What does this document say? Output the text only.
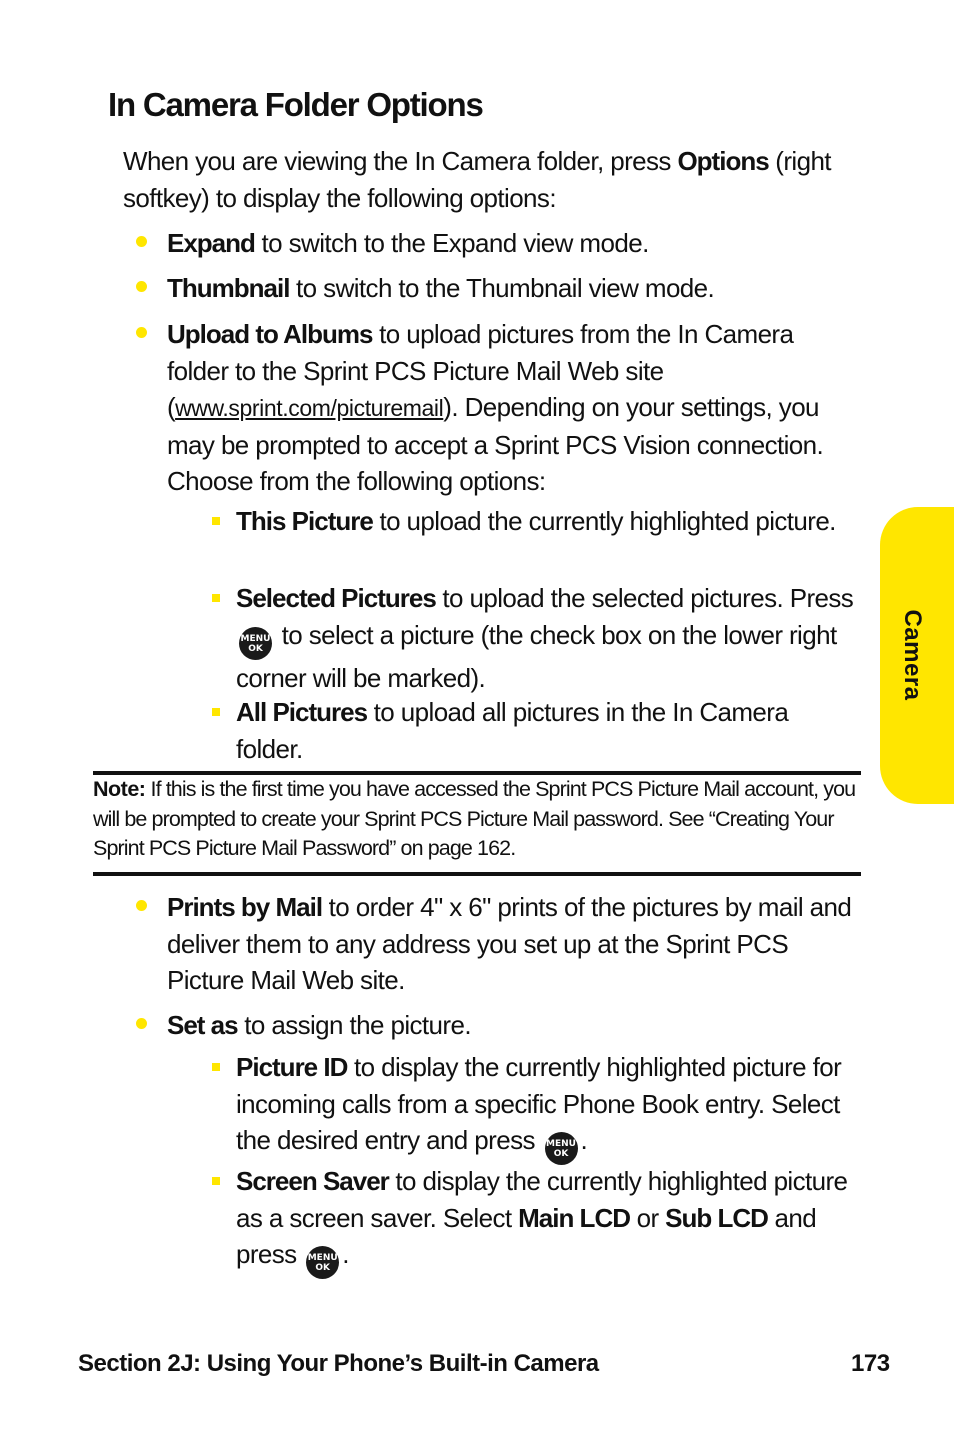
In Camera Folder Options
When you are viewing the In Camera folder, press Options (right softkey) to display the following options:
Expand to switch to the Expand view mode.
Thumbnail to switch to the Thumbnail view mode.
Upload to Albums to upload pictures from the In Camera folder to the Sprint PCS Picture Mail Web site (www.sprint.com/picturemail). Depending on your settings, you may be prompted to accept a Sprint PCS Vision connection. Choose from the following options:
This Picture to upload the currently highlighted picture.
Selected Pictures to upload the selected pictures. Press
MENU
OK to select a picture (the check box on the lower right corner will be marked).
All Pictures to upload all pictures in the In Camera folder.
Note: If this is the first time you have accessed the Sprint PCS Picture Mail account, you will be prompted to create your Sprint PCS Picture Mail password. See “Creating Your Sprint PCS Picture Mail Password” on page 162.
Prints by Mail to order 4" x 6" prints of the pictures by mail and deliver them to any address you set up at the Sprint PCS Picture Mail Web site.
Set as to assign the picture.
Picture ID to display the currently highlighted picture for incoming calls from a specific Phone Book entry. Select the desired entry and press MENU
OK .
Screen Saver to display the currently highlighted picture as a screen saver. Select Main LCD or Sub LCD and press MENU
OK .
Camera
Section 2J: Using Your Phone’s Built-in Camera	173
